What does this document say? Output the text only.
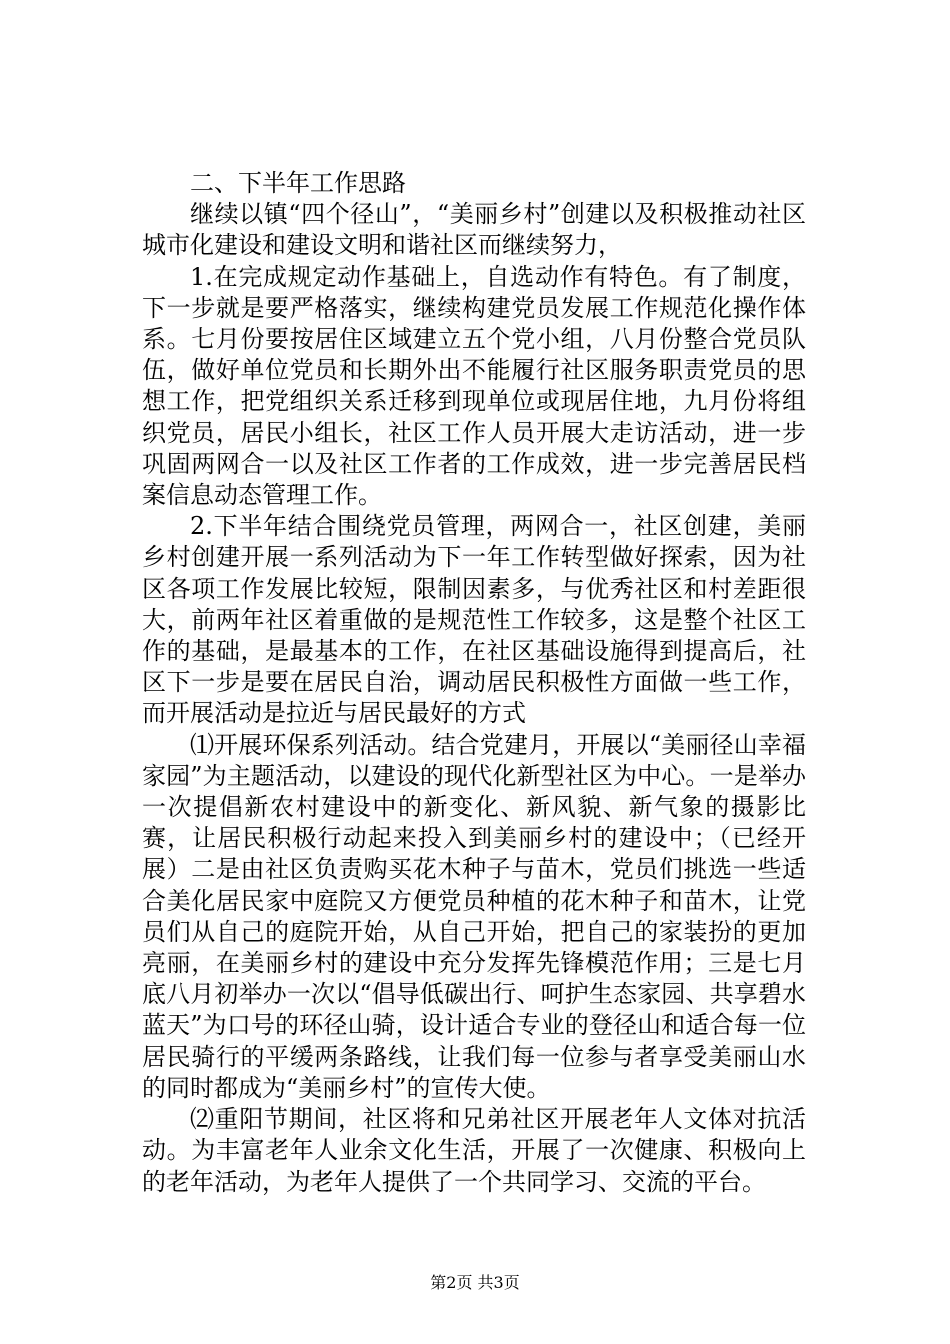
二、下半年工作思路

继续以镇“四个径山”，“美丽乡村”创建以及积极推动社区城市化建设和建设文明和谐社区而继续努力，

1.在完成规定动作基础上，自选动作有特色。有了制度，下一步就是要严格落实，继续构建党员发展工作规范化操作体系。七月份要按居住区域建立五个党小组，八月份整合党员队伍，做好单位党员和长期外出不能履行社区服务职责党员的思想工作，把党组织关系迁移到现单位或现居住地，九月份将组织党员，居民小组长，社区工作人员开展大走访活动，进一步巩固两网合一以及社区工作者的工作成效，进一步完善居民档案信息动态管理工作。

2.下半年结合围绕党员管理，两网合一，社区创建，美丽乡村创建开展一系列活动为下一年工作转型做好探索，因为社区各项工作发展比较短，限制因素多，与优秀社区和村差距很大，前两年社区着重做的是规范性工作较多，这是整个社区工作的基础，是最基本的工作，在社区基础设施得到提高后，社区下一步是要在居民自治，调动居民积极性方面做一些工作，而开展活动是拉近与居民最好的方式

⑴开展环保系列活动。结合党建月，开展以“美丽径山幸福家园”为主题活动，以建设的现代化新型社区为中心。一是举办一次提倡新农村建设中的新变化、新风貌、新气象的摄影比赛，让居民积极行动起来投入到美丽乡村的建设中；（已经开展）二是由社区负责购买花木种子与苗木，党员们挑选一些适合美化居民家中庭院又方便党员种植的花木种子和苗木，让党员们从自己的庭院开始，从自己开始，把自己的家装扮的更加亮丽，在美丽乡村的建设中充分发挥先锋模范作用；三是七月底八月初举办一次以“倡导低碳出行、呵护生态家园、共享碧水蓝天”为口号的环径山骑，设计适合专业的登径山和适合每一位居民骑行的平缓两条路线，让我们每一位参与者享受美丽山水的同时都成为“美丽乡村”的宣传大使。

⑵重阳节期间，社区将和兄弟社区开展老年人文体对抗活动。为丰富老年人业余文化生活，开展了一次健康、积极向上的老年活动，为老年人提供了一个共同学习、交流的平台。

第2页 共3页
